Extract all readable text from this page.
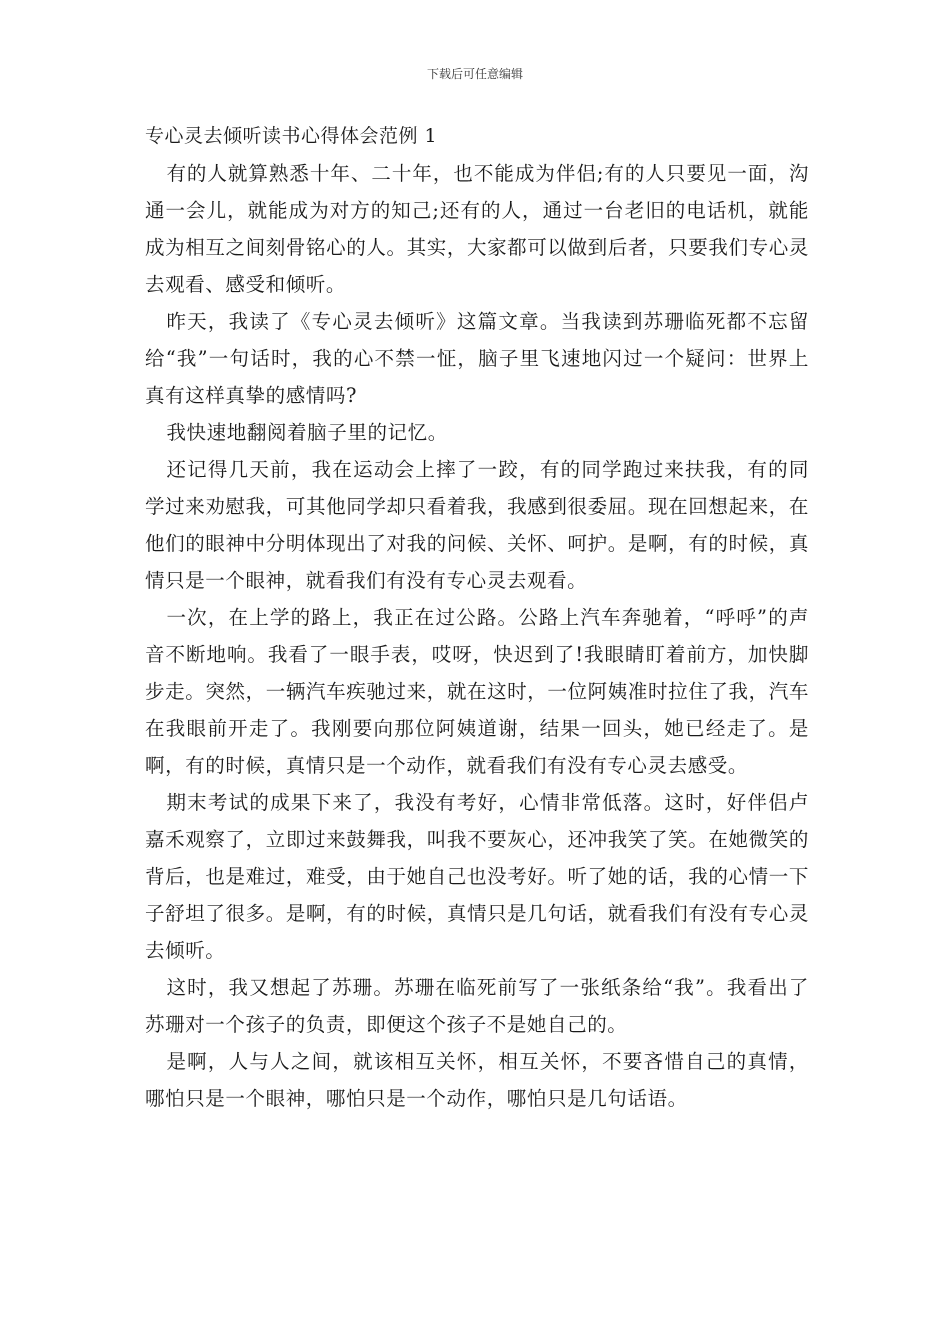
下载后可任意编辑
专心灵去倾听读书心得体会范例 1

有的人就算熟悉十年、二十年，也不能成为伴侣;有的人只要见一面，沟通一会儿，就能成为对方的知己;还有的人，通过一台老旧的电话机，就能成为相互之间刻骨铭心的人。其实，大家都可以做到后者，只要我们专心灵去观看、感受和倾听。

昨天，我读了《专心灵去倾听》这篇文章。当我读到苏珊临死都不忘留给“我”一句话时，我的心不禁一怔，脑子里飞速地闪过一个疑问：世界上真有这样真挚的感情吗?

我快速地翻阅着脑子里的记忆。

还记得几天前，我在运动会上摔了一跤，有的同学跑过来扶我，有的同学过来劝慰我，可其他同学却只看着我，我感到很委屈。现在回想起来，在他们的眼神中分明体现出了对我的问候、关怀、呵护。是啊，有的时候，真情只是一个眼神，就看我们有没有专心灵去观看。

一次，在上学的路上，我正在过公路。公路上汽车奔驰着，“呼呼”的声音不断地响。我看了一眼手表，哎呀，快迟到了!我眼睛盯着前方，加快脚步走。突然，一辆汽车疾驰过来，就在这时，一位阿姨准时拉住了我，汽车在我眼前开走了。我刚要向那位阿姨道谢，结果一回头，她已经走了。是啊，有的时候，真情只是一个动作，就看我们有没有专心灵去感受。

期末考试的成果下来了，我没有考好，心情非常低落。这时，好伴侣卢嘉禾观察了，立即过来鼓舞我，叫我不要灰心，还冲我笑了笑。在她微笑的背后，也是难过，难受，由于她自己也没考好。听了她的话，我的心情一下子舒坦了很多。是啊，有的时候，真情只是几句话，就看我们有没有专心灵去倾听。

这时，我又想起了苏珊。苏珊在临死前写了一张纸条给“我”。我看出了苏珊对一个孩子的负责，即便这个孩子不是她自己的。

是啊，人与人之间，就该相互关怀，相互关怀，不要吝惜自己的真情，哪怕只是一个眼神，哪怕只是一个动作，哪怕只是几句话语。
